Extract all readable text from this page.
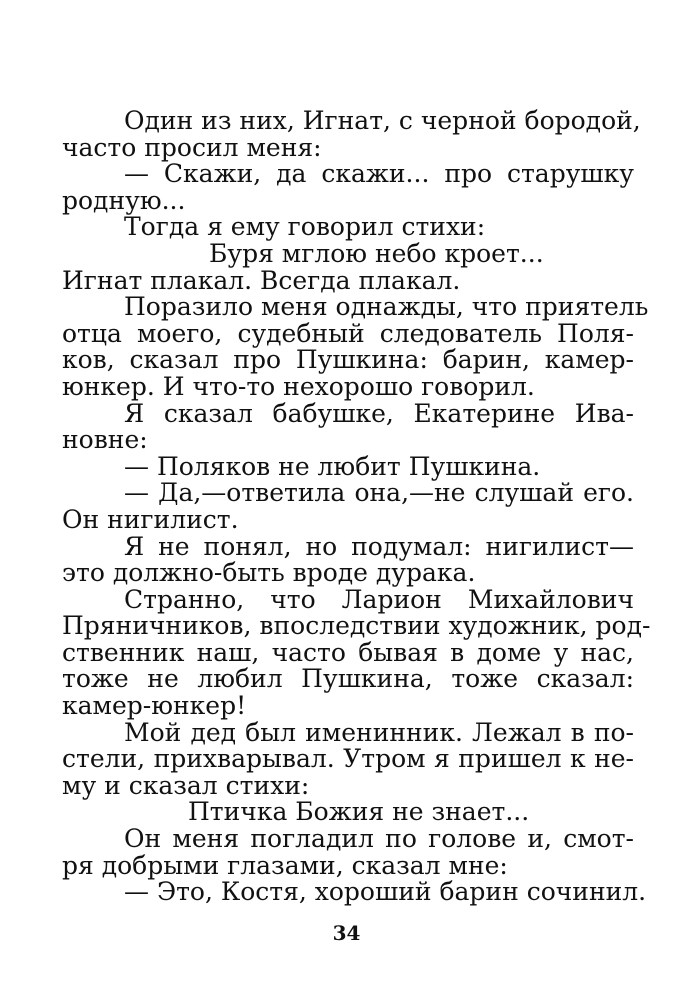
Один из них, Игнат, с черной бородой,
часто просил меня:
— Скажи, да скажи... про старушку
родную...
Тогда я ему говорил стихи:
Буря мглою небо кроет...
Игнат плакал. Всегда плакал.
Поразило меня однажды, что приятель
отца моего, судебный следователь Поля-
ков, сказал про Пушкина: барин, камер-
юнкер. И что-то нехорошо говорил.
Я сказал бабушке, Екатерине Ива-
новне:
— Поляков не любит Пушкина.
— Да,—ответила она,—не слушай его.
Он нигилист.
Я не понял, но подумал: нигилист—
это должно-быть вроде дурака.
Странно, что Ларион Михайлович
Пряничников, впоследствии художник, род-
ственник наш, часто бывая в доме у нас,
тоже не любил Пушкина, тоже сказал:
камер-юнкер!
Мой дед был именинник. Лежал в по-
стели, прихварывал. Утром я пришел к не-
му и сказал стихи:
Птичка Божия не знает...
Он меня погладил по голове и, смот-
ря добрыми глазами, сказал мне:
— Это, Костя, хороший барин сочинил.
34
